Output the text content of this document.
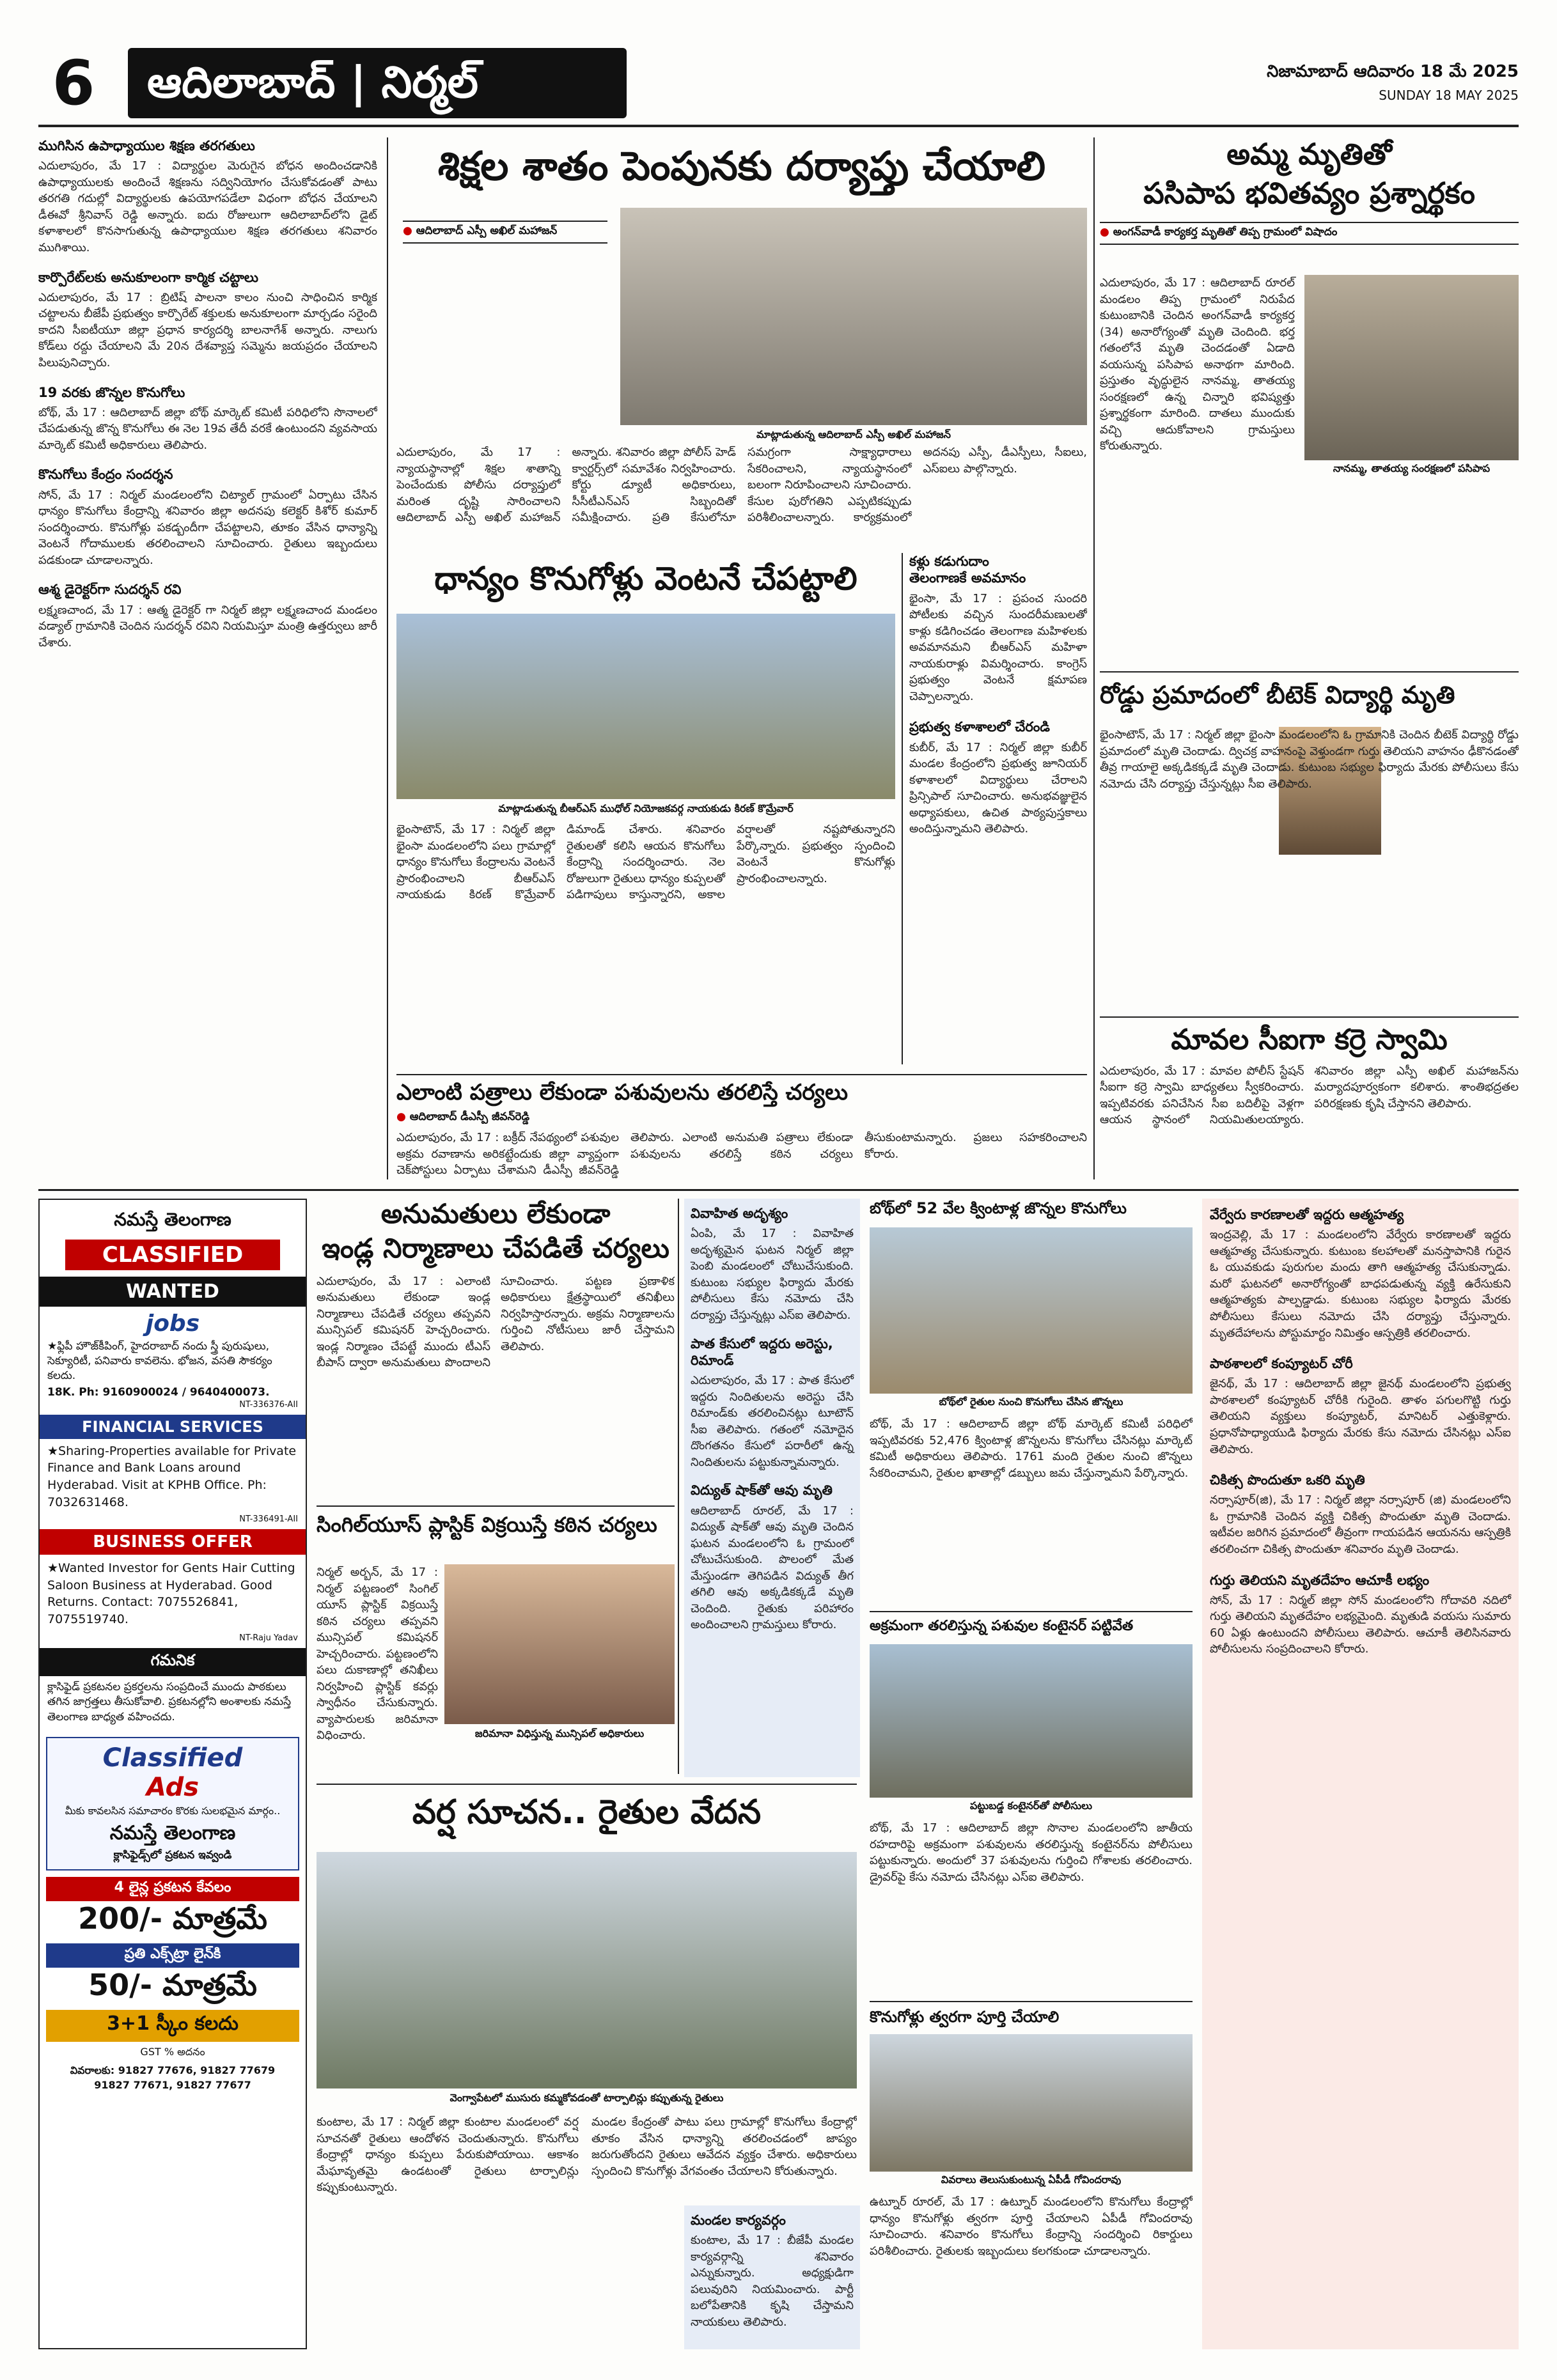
6	ఆదిలాబాద్ | నిర్మల్	నిజామాబాద్ ఆదివారం 18 మే 2025
SUNDAY 18 MAY 2025
ముగిసిన ఉపాధ్యాయుల శిక్షణ తరగతులు
ఎదులాపురం, మే 17 : విద్యార్థుల మెరుగైన బోధన అందించడానికి ఉపాధ్యాయులకు అందించే శిక్షణను సద్వినియోగం చేసుకోవడంతో పాటు తరగతి గదుల్లో విద్యార్థులకు ఉపయోగపడేలా విధంగా బోధన చేయాలని డీఈవో శ్రీనివాస్ రెడ్డి అన్నారు. ఐదు రోజులుగా ఆదిలాబాద్‌లోని డైట్ కళాశాలలో కొనసాగుతున్న ఉపాధ్యాయుల శిక్షణ తరగతులు శనివారం ముగిశాయి.
కార్పొరేట్‌లకు అనుకూలంగా కార్మిక చట్టాలు
ఎదులాపురం, మే 17 : బ్రిటిష్ పాలనా కాలం నుంచి సాధించిన కార్మిక చట్టాలను బీజేపీ ప్రభుత్వం కార్పొరేట్ శక్తులకు అనుకూలంగా మార్చడం సరైంది కాదని సీఐటీయూ జిల్లా ప్రధాన కార్యదర్శి బాలనాగేశ్ అన్నారు. నాలుగు కోడ్‌లు రద్దు చేయాలని మే 20న దేశవ్యాప్త సమ్మెను జయప్రదం చేయాలని పిలుపునిచ్చారు.
19 వరకు జొన్నల కొనుగోలు
బోథ్, మే 17 : ఆదిలాబాద్ జిల్లా బోథ్ మార్కెట్ కమిటీ పరిధిలోని సొనాలలో చేపడుతున్న జొన్న కొనుగోలు ఈ నెల 19వ తేదీ వరకే ఉంటుందని వ్యవసాయ మార్కెట్ కమిటీ అధికారులు తెలిపారు.
కొనుగోలు కేంద్రం సందర్శన
సోన్, మే 17 : నిర్మల్ మండలంలోని చిట్యాల్ గ్రామంలో ఏర్పాటు చేసిన ధాన్యం కొనుగోలు కేంద్రాన్ని శనివారం జిల్లా అదనపు కలెక్టర్ కిశోర్ కుమార్ సందర్శించారు. కొనుగోళ్లు పకడ్బందీగా చేపట్టాలని, తూకం వేసిన ధాన్యాన్ని వెంటనే గోదాములకు తరలించాలని సూచించారు. రైతులు ఇబ్బందులు పడకుండా చూడాలన్నారు.
ఆశ్మ డైరెక్టర్‌గా సుదర్శన్ రవి
లక్ష్మణచాంద, మే 17 : ఆత్మ డైరెక్టర్ గా నిర్మల్ జిల్లా లక్ష్మణచాంద మండలం వడ్యాల్ గ్రామానికి చెందిన సుదర్శన్ రవిని నియమిస్తూ మంత్రి ఉత్తర్వులు జారీ చేశారు.
శిక్షల శాతం పెంపునకు దర్యాప్తు చేయాలి
● ఆదిలాబాద్ ఎస్పీ అఖిల్ మహాజన్
మాట్లాడుతున్న ఆదిలాబాద్ ఎస్పీ అఖిల్ మహాజన్
ఎదులాపురం, మే 17 : న్యాయస్థానాల్లో శిక్షల శాతాన్ని పెంచేందుకు పోలీసు దర్యాప్తులో మరింత దృష్టి సారించాలని ఆదిలాబాద్ ఎస్పీ అఖిల్ మహాజన్ అన్నారు. శనివారం జిల్లా పోలీస్ హెడ్ క్వార్టర్స్‌లో సమావేశం నిర్వహించారు. కోర్టు డ్యూటీ అధికారులు, సీసీటీఎన్ఎస్ సిబ్బందితో సమీక్షించారు. ప్రతి కేసులోనూ సమగ్రంగా సాక్ష్యాధారాలు సేకరించాలని, న్యాయస్థానంలో బలంగా నిరూపించాలని సూచించారు. కేసుల పురోగతిని ఎప్పటికప్పుడు పరిశీలించాలన్నారు. కార్యక్రమంలో అదనపు ఎస్పీ, డీఎస్పీలు, సీఐలు, ఎస్ఐలు పాల్గొన్నారు.
అమ్మ మృతితో
పసిపాప భవితవ్యం ప్రశ్నార్థకం
● అంగన్‌వాడీ కార్యకర్త మృతితో తిప్ప గ్రామంలో విషాదం
నానమ్మ, తాతయ్య సంరక్షణలో పసిపాప
ఎదులాపురం, మే 17 : ఆదిలాబాద్ రూరల్ మండలం తిప్ప గ్రామంలో నిరుపేద కుటుంబానికి చెందిన అంగన్‌వాడీ కార్యకర్త (34) అనారోగ్యంతో మృతి చెందింది. భర్త గతంలోనే మృతి చెందడంతో ఏడాది వయసున్న పసిపాప అనాథగా మారింది. ప్రస్తుతం వృద్ధులైన నానమ్మ, తాతయ్య సంరక్షణలో ఉన్న చిన్నారి భవిష్యత్తు ప్రశ్నార్థకంగా మారింది. దాతలు ముందుకు వచ్చి ఆదుకోవాలని గ్రామస్తులు కోరుతున్నారు.
ధాన్యం కొనుగోళ్లు వెంటనే చేపట్టాలి
మాట్లాడుతున్న బీఆర్ఎస్ ముధోల్ నియోజకవర్గ నాయకుడు కిరణ్ కొమ్రేవార్
భైంసాటౌన్, మే 17 : నిర్మల్ జిల్లా భైంసా మండలంలోని పలు గ్రామాల్లో ధాన్యం కొనుగోలు కేంద్రాలను వెంటనే ప్రారంభించాలని బీఆర్ఎస్ నాయకుడు కిరణ్ కొమ్రేవార్ డిమాండ్ చేశారు. శనివారం రైతులతో కలిసి ఆయన కొనుగోలు కేంద్రాన్ని సందర్శించారు. నెల రోజులుగా రైతులు ధాన్యం కుప్పలతో పడిగాపులు కాస్తున్నారని, అకాల వర్షాలతో నష్టపోతున్నారని పేర్కొన్నారు. ప్రభుత్వం స్పందించి వెంటనే కొనుగోళ్లు ప్రారంభించాలన్నారు.
కళ్లు కడుగుదాం
తెలంగాణకే అవమానం
భైంసా, మే 17 : ప్రపంచ సుందరి పోటీలకు వచ్చిన సుందరీమణులతో కాళ్లు కడిగించడం తెలంగాణ మహిళలకు అవమానమని బీఆర్ఎస్ మహిళా నాయకురాళ్లు విమర్శించారు. కాంగ్రెస్ ప్రభుత్వం వెంటనే క్షమాపణ చెప్పాలన్నారు.
ప్రభుత్వ కళాశాలలో చేరండి
కుబీర్, మే 17 : నిర్మల్ జిల్లా కుబీర్ మండల కేంద్రంలోని ప్రభుత్వ జూనియర్ కళాశాలలో విద్యార్థులు చేరాలని ప్రిన్సిపాల్ సూచించారు. అనుభవజ్ఞులైన అధ్యాపకులు, ఉచిత పాఠ్యపుస్తకాలు అందిస్తున్నామని తెలిపారు.
రోడ్డు ప్రమాదంలో బీటెక్ విద్యార్థి మృతి
భైంసాటౌన్, మే 17 : నిర్మల్ జిల్లా భైంసా మండలంలోని ఓ గ్రామానికి చెందిన బీటెక్ విద్యార్థి రోడ్డు ప్రమాదంలో మృతి చెందాడు. ద్విచక్ర వాహనంపై వెళ్తుండగా గుర్తు తెలియని వాహనం ఢీకొనడంతో తీవ్ర గాయాలై అక్కడికక్కడే మృతి చెందాడు. కుటుంబ సభ్యుల ఫిర్యాదు మేరకు పోలీసులు కేసు నమోదు చేసి దర్యాప్తు చేస్తున్నట్లు సీఐ తెలిపారు.
ఎలాంటి పత్రాలు లేకుండా పశువులను తరలిస్తే చర్యలు
● ఆదిలాబాద్ డీఎస్పీ జీవన్‌రెడ్డి
ఎదులాపురం, మే 17 : బక్రీద్ నేపథ్యంలో పశువుల అక్రమ రవాణాను అరికట్టేందుకు జిల్లా వ్యాప్తంగా చెక్‌పోస్టులు ఏర్పాటు చేశామని డీఎస్పీ జీవన్‌రెడ్డి తెలిపారు. ఎలాంటి అనుమతి పత్రాలు లేకుండా పశువులను తరలిస్తే కఠిన చర్యలు తీసుకుంటామన్నారు. ప్రజలు సహకరించాలని కోరారు.
మావల సీఐగా కర్రె స్వామి
ఎదులాపురం, మే 17 : మావల పోలీస్ స్టేషన్ సీఐగా కర్రె స్వామి బాధ్యతలు స్వీకరించారు. ఇప్పటివరకు పనిచేసిన సీఐ బదిలీపై వెళ్లగా ఆయన స్థానంలో నియమితులయ్యారు. శనివారం జిల్లా ఎస్పీ అఖిల్ మహాజన్‌ను మర్యాదపూర్వకంగా కలిశారు. శాంతిభద్రతల పరిరక్షణకు కృషి చేస్తానని తెలిపారు.
నమస్తే తెలంగాణ
CLASSIFIED
WANTED
jobs
★ఫ్లిపీ హౌజ్‌కీపింగ్, హైదరాబాద్ నందు స్త్రీ పురుషులు, సెక్యూరిటీ, పనివారు కావలెను. భోజన, వసతి సౌకర్యం కలదు.
18K. Ph: 9160900024 / 9640400073.
NT-336376-AII
FINANCIAL SERVICES
★Sharing-Properties available for Private Finance and Bank Loans around Hyderabad. Visit at KPHB Office. Ph: 7032631468.
NT-336491-AII
BUSINESS OFFER
★Wanted Investor for Gents Hair Cutting Saloon Business at Hyderabad. Good Returns. Contact: 7075526841, 7075519740.
NT-Raju Yadav
గమనిక
క్లాసిఫైడ్ ప్రకటనల ప్రకర్తలను సంప్రదించే ముందు పాఠకులు తగిన జాగ్రత్తలు తీసుకోవాలి. ప్రకటనల్లోని అంశాలకు నమస్తే తెలంగాణ బాధ్యత వహించదు.
Classified
Ads
మీకు కావలసిన సమాచారం కొరకు సులభమైన మార్గం..
నమస్తే తెలంగాణ
క్లాసిఫైడ్స్‌లో ప్రకటన ఇవ్వండి
4 లైన్ల ప్రకటన కేవలం
200/- మాత్రమే
ప్రతి ఎక్స్‌ట్రా లైన్‌కి
50/- మాత్రమే
3+1 స్కీం కలదు
GST % అదనం
వివరాలకు: 91827 77676, 91827 77679
91827 77671, 91827 77677
అనుమతులు లేకుండా
ఇండ్ల నిర్మాణాలు చేపడితే చర్యలు
ఎదులాపురం, మే 17 : ఎలాంటి అనుమతులు లేకుండా ఇండ్ల నిర్మాణాలు చేపడితే చర్యలు తప్పవని మున్సిపల్ కమిషనర్ హెచ్చరించారు. ఇండ్ల నిర్మాణం చేపట్టే ముందు టీఎస్ బీపాస్ ద్వారా అనుమతులు పొందాలని సూచించారు. పట్టణ ప్రణాళిక అధికారులు క్షేత్రస్థాయిలో తనిఖీలు నిర్వహిస్తారన్నారు. అక్రమ నిర్మాణాలను గుర్తించి నోటీసులు జారీ చేస్తామని తెలిపారు.
సింగిల్‌యూస్ ప్లాస్టిక్ విక్రయిస్తే కఠిన చర్యలు
జరిమానా విధిస్తున్న మున్సిపల్ అధికారులు
నిర్మల్ అర్బన్, మే 17 : నిర్మల్ పట్టణంలో సింగిల్ యూస్ ప్లాస్టిక్ విక్రయిస్తే కఠిన చర్యలు తప్పవని మున్సిపల్ కమిషనర్ హెచ్చరించారు. పట్టణంలోని పలు దుకాణాల్లో తనిఖీలు నిర్వహించి ప్లాస్టిక్ కవర్లు స్వాధీనం చేసుకున్నారు. వ్యాపారులకు జరిమానా విధించారు.
వర్ష సూచన.. రైతుల వేదన
వెంగ్వాపేటలో ముసురు కమ్మకోవడంతో టార్పాలిన్లు కప్పుతున్న రైతులు
కుంటాల, మే 17 : నిర్మల్ జిల్లా కుంటాల మండలంలో వర్ష సూచనతో రైతులు ఆందోళన చెందుతున్నారు. కొనుగోలు కేంద్రాల్లో ధాన్యం కుప్పలు పేరుకుపోయాయి. ఆకాశం మేఘావృతమై ఉండటంతో రైతులు టార్పాలిన్లు కప్పుకుంటున్నారు.
మండల కేంద్రంతో పాటు పలు గ్రామాల్లో కొనుగోలు కేంద్రాల్లో తూకం వేసిన ధాన్యాన్ని తరలించడంలో జాప్యం జరుగుతోందని రైతులు ఆవేదన వ్యక్తం చేశారు. అధికారులు స్పందించి కొనుగోళ్లు వేగవంతం చేయాలని కోరుతున్నారు.
వివాహిత అదృశ్యం
ఏంపి, మే 17 : వివాహిత అదృశ్యమైన ఘటన నిర్మల్ జిల్లా పెంబి మండలంలో చోటుచేసుకుంది. కుటుంబ సభ్యుల ఫిర్యాదు మేరకు పోలీసులు కేసు నమోదు చేసి దర్యాప్తు చేస్తున్నట్లు ఎస్ఐ తెలిపారు.
పాత కేసులో ఇద్దరు అరెస్టు, రిమాండ్
ఎదులాపురం, మే 17 : పాత కేసులో ఇద్దరు నిందితులను అరెస్టు చేసి రిమాండ్‌కు తరలించినట్లు టూటౌన్ సీఐ తెలిపారు. గతంలో నమోదైన దొంగతనం కేసులో పరారీలో ఉన్న నిందితులను పట్టుకున్నామన్నారు.
విద్యుత్ షాక్‌తో ఆవు మృతి
ఆదిలాబాద్ రూరల్, మే 17 : విద్యుత్ షాక్‌తో ఆవు మృతి చెందిన ఘటన మండలంలోని ఓ గ్రామంలో చోటుచేసుకుంది. పొలంలో మేత మేస్తుండగా తెగిపడిన విద్యుత్ తీగ తగిలి ఆవు అక్కడికక్కడే మృతి చెందింది. రైతుకు పరిహారం అందించాలని గ్రామస్తులు కోరారు.
మండల కార్యవర్గం
కుంటాల, మే 17 : బీజేపీ మండల కార్యవర్గాన్ని శనివారం ఎన్నుకున్నారు. అధ్యక్షుడిగా పలువురిని నియమించారు. పార్టీ బలోపేతానికి కృషి చేస్తామని నాయకులు తెలిపారు.
బోథ్‌లో 52 వేల క్వింటాళ్ల జొన్నల కొనుగోలు
బోథ్‌లో రైతుల నుంచి కొనుగోలు చేసిన జొన్నలు
బోథ్, మే 17 : ఆదిలాబాద్ జిల్లా బోథ్ మార్కెట్ కమిటీ పరిధిలో ఇప్పటివరకు 52,476 క్వింటాళ్ల జొన్నలను కొనుగోలు చేసినట్లు మార్కెట్ కమిటీ అధికారులు తెలిపారు. 1761 మంది రైతుల నుంచి జొన్నలు సేకరించామని, రైతుల ఖాతాల్లో డబ్బులు జమ చేస్తున్నామని పేర్కొన్నారు.
అక్రమంగా తరలిస్తున్న పశువుల కంటైనర్ పట్టివేత
పట్టుబడ్డ కంటైనర్‌తో పోలీసులు
బోథ్, మే 17 : ఆదిలాబాద్ జిల్లా సొనాల మండలంలోని జాతీయ రహదారిపై అక్రమంగా పశువులను తరలిస్తున్న కంటైనర్‌ను పోలీసులు పట్టుకున్నారు. అందులో 37 పశువులను గుర్తించి గోశాలకు తరలించారు. డ్రైవర్‌పై కేసు నమోదు చేసినట్లు ఎస్ఐ తెలిపారు.
కొనుగోళ్లు త్వరగా పూర్తి చేయాలి
వివరాలు తెలుసుకుంటున్న ఏపీడీ గోవిందరావు
ఉట్నూర్ రూరల్, మే 17 : ఉట్నూర్ మండలంలోని కొనుగోలు కేంద్రాల్లో ధాన్యం కొనుగోళ్లు త్వరగా పూర్తి చేయాలని ఏపీడీ గోవిందరావు సూచించారు. శనివారం కొనుగోలు కేంద్రాన్ని సందర్శించి రికార్డులు పరిశీలించారు. రైతులకు ఇబ్బందులు కలగకుండా చూడాలన్నారు.
వేర్వేరు కారణాలతో ఇద్దరు ఆత్మహత్య
ఇంద్రవెల్లి, మే 17 : మండలంలోని వేర్వేరు కారణాలతో ఇద్దరు ఆత్మహత్య చేసుకున్నారు. కుటుంబ కలహాలతో మనస్తాపానికి గురైన ఓ యువకుడు పురుగుల మందు తాగి ఆత్మహత్య చేసుకున్నాడు. మరో ఘటనలో అనారోగ్యంతో బాధపడుతున్న వ్యక్తి ఉరేసుకుని ఆత్మహత్యకు పాల్పడ్డాడు. కుటుంబ సభ్యుల ఫిర్యాదు మేరకు పోలీసులు కేసులు నమోదు చేసి దర్యాప్తు చేస్తున్నారు. మృతదేహాలను పోస్టుమార్టం నిమిత్తం ఆస్పత్రికి తరలించారు.
పాఠశాలలో కంప్యూటర్ చోరీ
జైనథ్, మే 17 : ఆదిలాబాద్ జిల్లా జైనథ్ మండలంలోని ప్రభుత్వ పాఠశాలలో కంప్యూటర్ చోరీకి గురైంది. తాళం పగులగొట్టి గుర్తు తెలియని వ్యక్తులు కంప్యూటర్, మానిటర్ ఎత్తుకెళ్లారు. ప్రధానోపాధ్యాయుడి ఫిర్యాదు మేరకు కేసు నమోదు చేసినట్లు ఎస్ఐ తెలిపారు.
చికిత్స పొందుతూ ఒకరి మృతి
నర్సాపూర్(జి), మే 17 : నిర్మల్ జిల్లా నర్సాపూర్ (జి) మండలంలోని ఓ గ్రామానికి చెందిన వ్యక్తి చికిత్స పొందుతూ మృతి చెందాడు. ఇటీవల జరిగిన ప్రమాదంలో తీవ్రంగా గాయపడిన ఆయనను ఆస్పత్రికి తరలించగా చికిత్స పొందుతూ శనివారం మృతి చెందాడు.
గుర్తు తెలియని మృతదేహం ఆచూకీ లభ్యం
సోన్, మే 17 : నిర్మల్ జిల్లా సోన్ మండలంలోని గోదావరి నదిలో గుర్తు తెలియని మృతదేహం లభ్యమైంది. మృతుడి వయసు సుమారు 60 ఏళ్లు ఉంటుందని పోలీసులు తెలిపారు. ఆచూకీ తెలిసినవారు పోలీసులను సంప్రదించాలని కోరారు.
